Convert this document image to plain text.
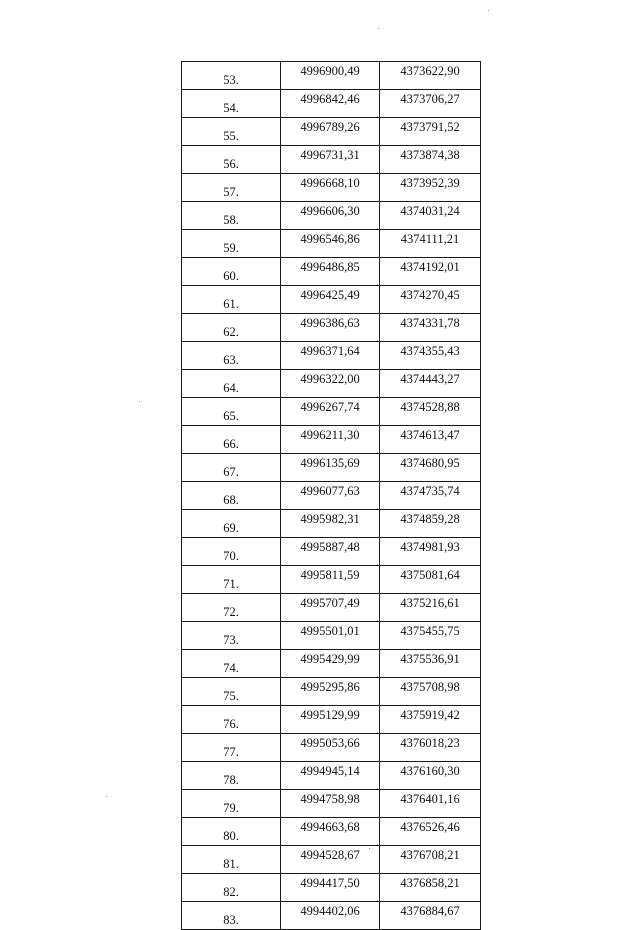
53.	4996900,49	4373622,90
54.	4996842,46	4373706,27
55.	4996789,26	4373791,52
56.	4996731,31	4373874,38
57.	4996668,10	4373952,39
58.	4996606,30	4374031,24
59.	4996546,86	4374111,21
60.	4996486,85	4374192,01
61.	4996425,49	4374270,45
62.	4996386,63	4374331,78
63.	4996371,64	4374355,43
64.	4996322,00	4374443,27
65.	4996267,74	4374528,88
66.	4996211,30	4374613,47
67.	4996135,69	4374680,95
68.	4996077,63	4374735,74
69.	4995982,31	4374859,28
70.	4995887,48	4374981,93
71.	4995811,59	4375081,64
72.	4995707,49	4375216,61
73.	4995501,01	4375455,75
74.	4995429,99	4375536,91
75.	4995295,86	4375708,98
76.	4995129,99	4375919,42
77.	4995053,66	4376018,23
78.	4994945,14	4376160,30
79.	4994758,98	4376401,16
80.	4994663,68	4376526,46
81.	4994528,67	4376708,21
82.	4994417,50	4376858,21
83.	4994402,06	4376884,67
